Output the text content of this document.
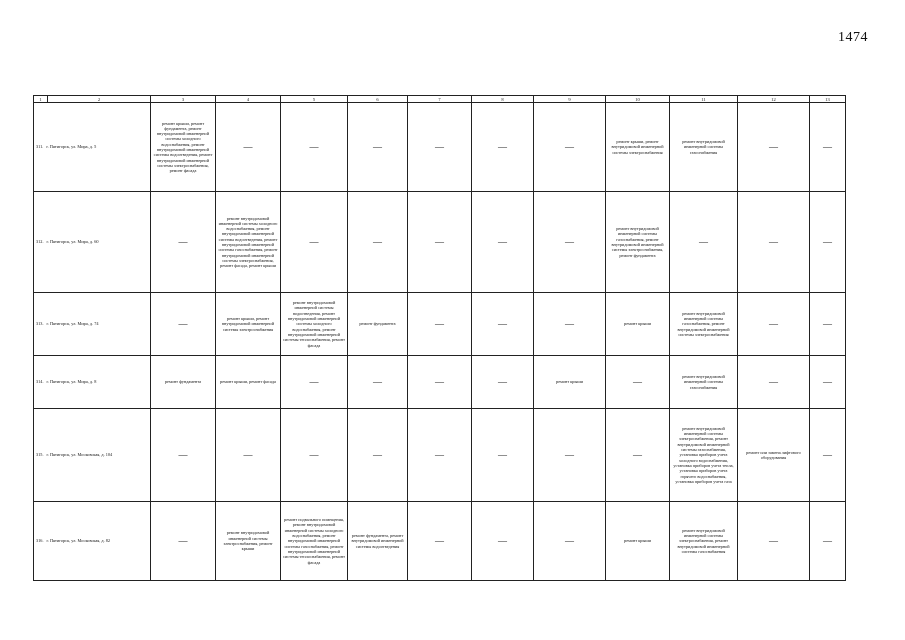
1474
1	2	3	4	5	6	7	8	9	10	11	12	13
311. г. Пятигорск, ул. Мира, д. 5		ремонт крыши, ремонт фундамента, ремонт внутридомовой инженерной системы холодного водоснабжения, ремонт внутридомовой инженерной системы водоотведения, ремонт внутридомовой инженерной системы электроснабжения, ремонт фасада	—	—	—	—	—	—	ремонт крыши, ремонт внутридомовой инженерной системы электроснабжения	ремонт внутридомовой инженерной системы газоснабжения	—	—
312. г. Пятигорск, ул. Мира, д. 60		—	ремонт внутридомовой инженерной системы холодного водоснабжения, ремонт внутридомовой инженерной системы водоотведения, ремонт внутридомовой инженерной системы газоснабжения, ремонт внутридомовой инженерной системы электроснабжения, ремонт фасада, ремонт крыши	—	—	—	—	—	ремонт внутридомовой инженерной системы газоснабжения, ремонт внутридомовой инженерной системы электроснабжения, ремонт фундамента	—	—	—
313. г. Пятигорск, ул. Мира, д. 74		—	ремонт крыши, ремонт внутридомовой инженерной системы электроснабжения	ремонт внутридомовой инженерной системы водоотведения, ремонт внутридомовой инженерной системы холодного водоснабжения, ремонт внутридомовой инженерной системы теплоснабжения, ремонт фасада	ремонт фундамента	—	—	—	ремонт крыши	ремонт внутридомовой инженерной системы газоснабжения, ремонт внутридомовой инженерной системы электроснабжения	—	—
314. г. Пятигорск, ул. Мира, д. 8		ремонт фундамента	ремонт крыши, ремонт фасада	—	—	—	—	ремонт крыши	—	ремонт внутридомовой инженерной системы газоснабжения	—	—
315. г. Пятигорск, ул. Московская, д. 104		—	—	—	—	—	—	—	—	ремонт внутридомовой инженерной системы электроснабжения, ремонт внутридомовой инженерной системы газоснабжения, установка приборов учета холодного водоснабжения, установка приборов учета тепла, установка приборов учета горячего водоснабжения, установка приборов учета газа	ремонт или замена лифтового оборудования	—
316. г. Пятигорск, ул. Московская, д. 82		—	ремонт внутридомовой инженерной системы электроснабжения, ремонт крыши	ремонт подвального помещения, ремонт внутридомовой инженерной системы холодного водоснабжения, ремонт внутридомовой инженерной системы газоснабжения, ремонт внутридомовой инженерной системы теплоснабжения, ремонт фасада	ремонт фундамента, ремонт внутридомовой инженерной системы водоотведения	—	—	—	ремонт крыши	ремонт внутридомовой инженерной системы электроснабжения, ремонт внутридомовой инженерной системы газоснабжения	—	—
